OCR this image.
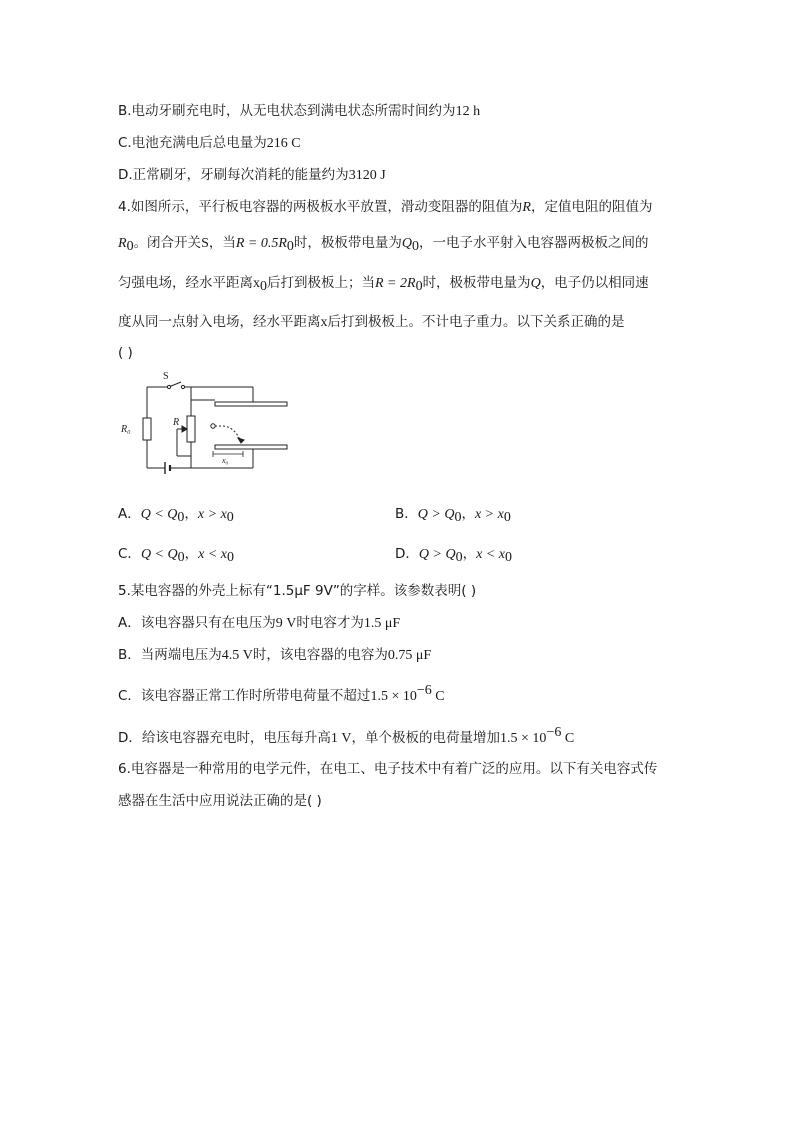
B.电动牙刷充电时，从无电状态到满电状态所需时间约为12 h
C.电池充满电后总电量为216 C
D.正常刷牙，牙刷每次消耗的能量约为3120 J
4.如图所示，平行板电容器的两极板水平放置，滑动变阻器的阻值为R，定值电阻的阻值为
$R_0$。闭合开关S，当$R = 0.5R_0$时，极板带电量为$Q_0$，一电子水平射入电容器两极板之间的
匀强电场，经水平距离$x_0$后打到极板上；当$R = 2R_0$时，极板带电量为Q，电子仍以相同速
度从同一点射入电场，经水平距离x后打到极板上。不计电子重力。以下关系正确的是
( )
S
R₀
R
x₀
A．$Q < Q_0$，$x > x_0$	B．$Q > Q_0$，$x > x_0$
C．$Q < Q_0$，$x < x_0$	D．$Q > Q_0$，$x < x_0$
5.某电容器的外壳上标有“1.5μF 9V”的字样。该参数表明( )
A．该电容器只有在电压为9 V时电容才为1.5 μF
B．当两端电压为4.5 V时，该电容器的电容为0.75 μF
C．该电容器正常工作时所带电荷量不超过$1.5 \times 10^{-6}$ C
D．给该电容器充电时，电压每升高1 V，单个极板的电荷量增加$1.5 \times 10^{-6}$ C
6.电容器是一种常用的电学元件，在电工、电子技术中有着广泛的应用。以下有关电容式传
感器在生活中应用说法正确的是( )
